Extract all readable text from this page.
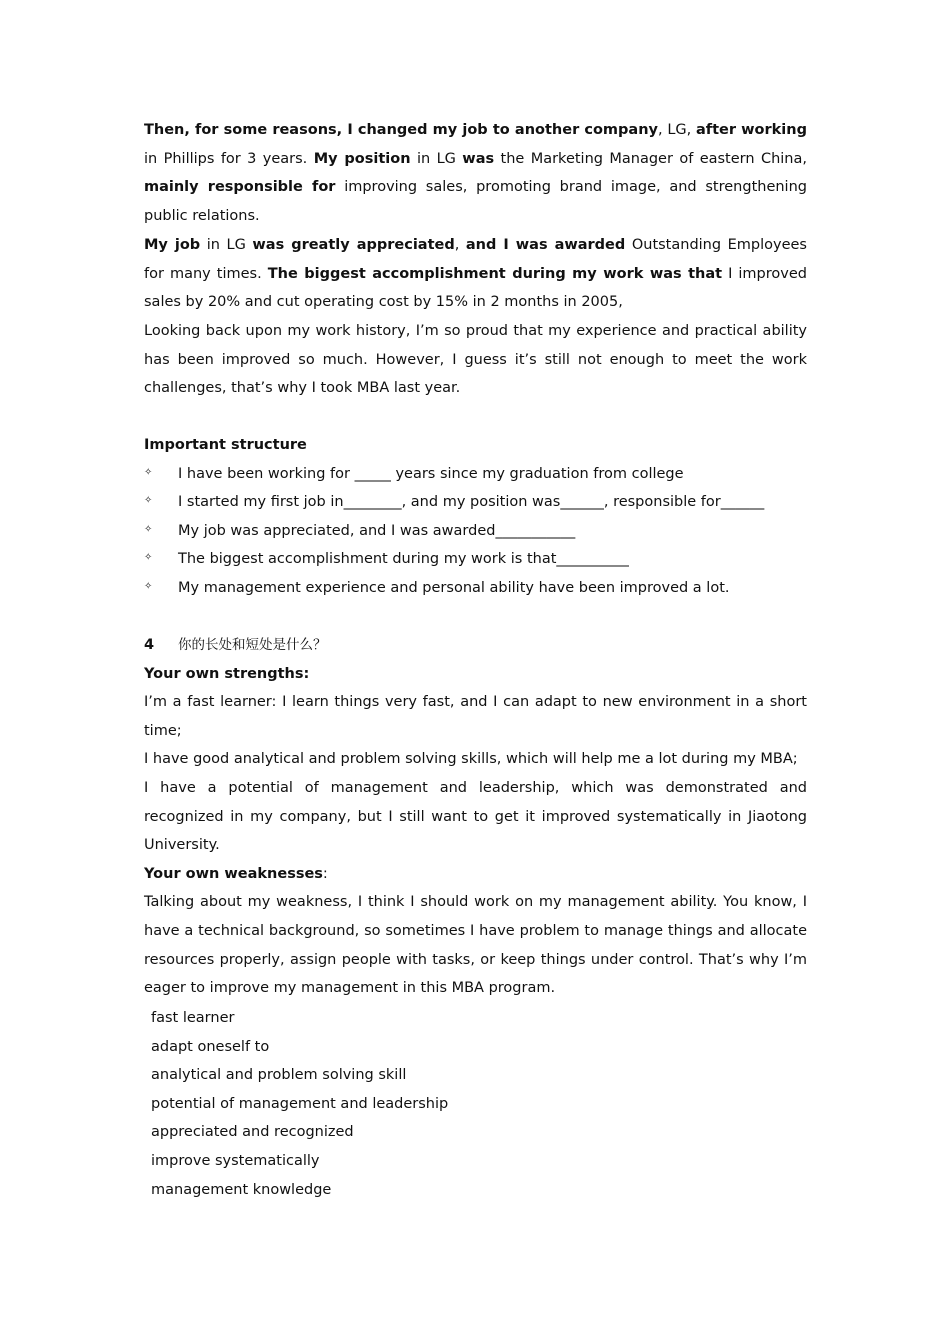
Then, for some reasons, I changed my job to another company, LG, after working in Phillips for 3 years. My position in LG was the Marketing Manager of eastern China, mainly responsible for improving sales, promoting brand image, and strengthening public relations.

My job in LG was greatly appreciated, and I was awarded Outstanding Employees for many times. The biggest accomplishment during my work was that I improved sales by 20% and cut operating cost by 15% in 2 months in 2005,

Looking back upon my work history, I’m so proud that my experience and practical ability has been improved so much. However, I guess it’s still not enough to meet the work challenges, that’s why I took MBA last year.

Important structure

✧
I have been working for _____ years since my graduation from college
✧
I started my first job in________, and my position was______, responsible for______
✧
My job was appreciated, and I was awarded___________
✧
The biggest accomplishment during my work is that__________
✧
My management experience and personal ability have been improved a lot.

4 你的长处和短处是什么？

Your own strengths:

I’m a fast learner: I learn things very fast, and I can adapt to new environment in a short time;

I have good analytical and problem solving skills, which will help me a lot during my MBA;

I have a potential of management and leadership, which was demonstrated and recognized in my company, but I still want to get it improved systematically in Jiaotong University.

Your own weaknesses:

Talking about my weakness, I think I should work on my management ability. You know, I have a technical background, so sometimes I have problem to manage things and allocate resources properly, assign people with tasks, or keep things under control. That’s why I’m eager to improve my management in this MBA program.

fast learner

adapt oneself to

analytical and problem solving skill

potential of management and leadership

appreciated and recognized

improve systematically

management knowledge
